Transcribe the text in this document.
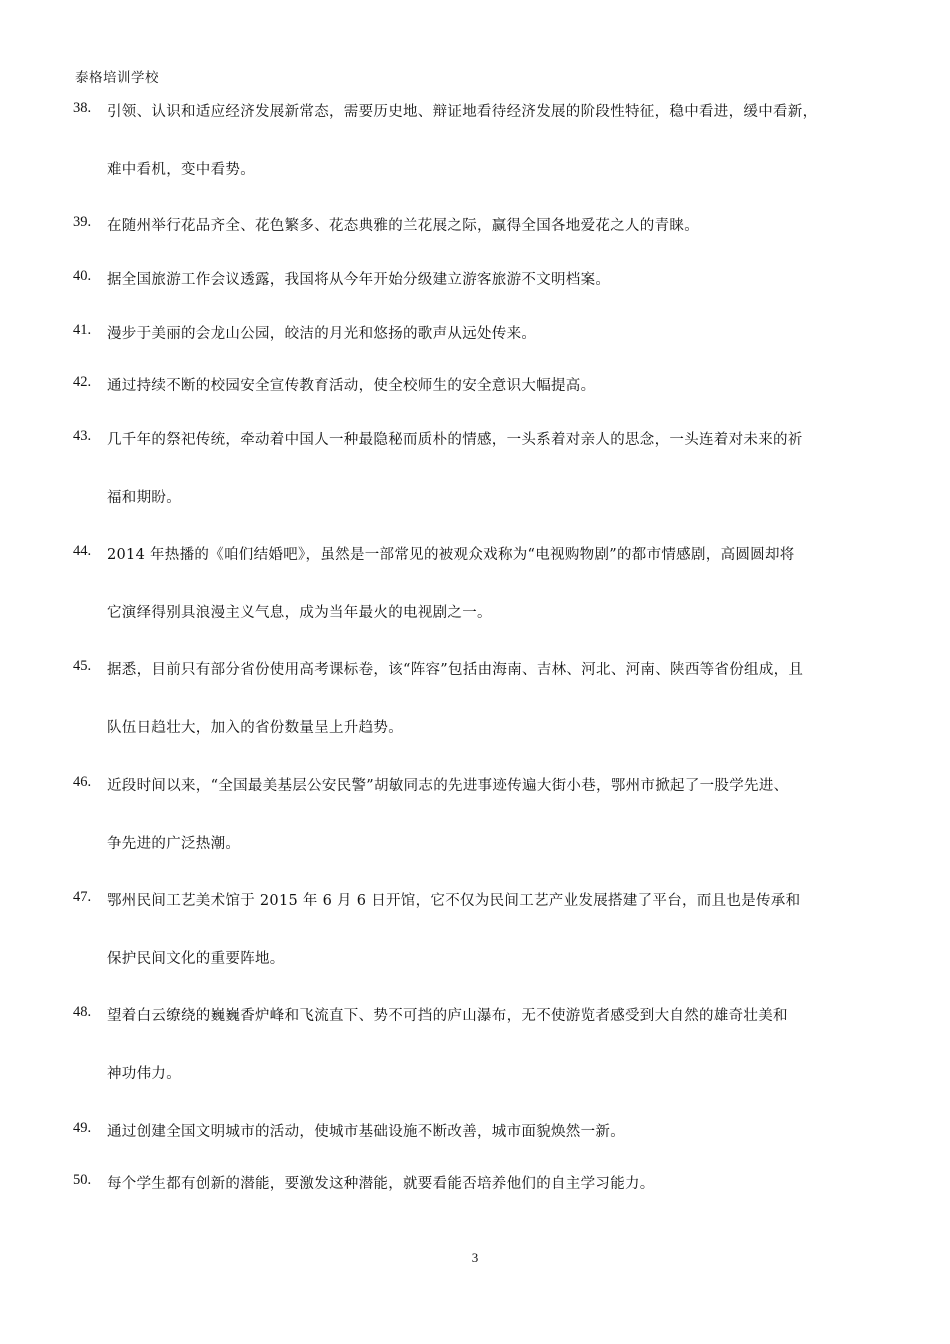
泰格培训学校
38. 引领、认识和适应经济发展新常态，需要历史地、辩证地看待经济发展的阶段性特征，稳中看进，缓中看新，
难中看机，变中看势。
39. 在随州举行花品齐全、花色繁多、花态典雅的兰花展之际，赢得全国各地爱花之人的青睐。
40. 据全国旅游工作会议透露，我国将从今年开始分级建立游客旅游不文明档案。
41. 漫步于美丽的会龙山公园，皎洁的月光和悠扬的歌声从远处传来。
42. 通过持续不断的校园安全宣传教育活动，使全校师生的安全意识大幅提高。
43. 几千年的祭祀传统，牵动着中国人一种最隐秘而质朴的情感，一头系着对亲人的思念，一头连着对未来的祈
福和期盼。
44. 2014 年热播的《咱们结婚吧》，虽然是一部常见的被观众戏称为“电视购物剧”的都市情感剧，高圆圆却将
它演绎得别具浪漫主义气息，成为当年最火的电视剧之一。
45. 据悉，目前只有部分省份使用高考课标卷，该“阵容”包括由海南、吉林、河北、河南、陕西等省份组成，且
队伍日趋壮大，加入的省份数量呈上升趋势。
46. 近段时间以来，“全国最美基层公安民警”胡敏同志的先进事迹传遍大街小巷，鄂州市掀起了一股学先进、
争先进的广泛热潮。
47. 鄂州民间工艺美术馆于 2015 年 6 月 6 日开馆，它不仅为民间工艺产业发展搭建了平台，而且也是传承和
保护民间文化的重要阵地。
48. 望着白云缭绕的巍巍香炉峰和飞流直下、势不可挡的庐山瀑布，无不使游览者感受到大自然的雄奇壮美和
神功伟力。
49. 通过创建全国文明城市的活动，使城市基础设施不断改善，城市面貌焕然一新。
50. 每个学生都有创新的潜能，要激发这种潜能，就要看能否培养他们的自主学习能力。
3
